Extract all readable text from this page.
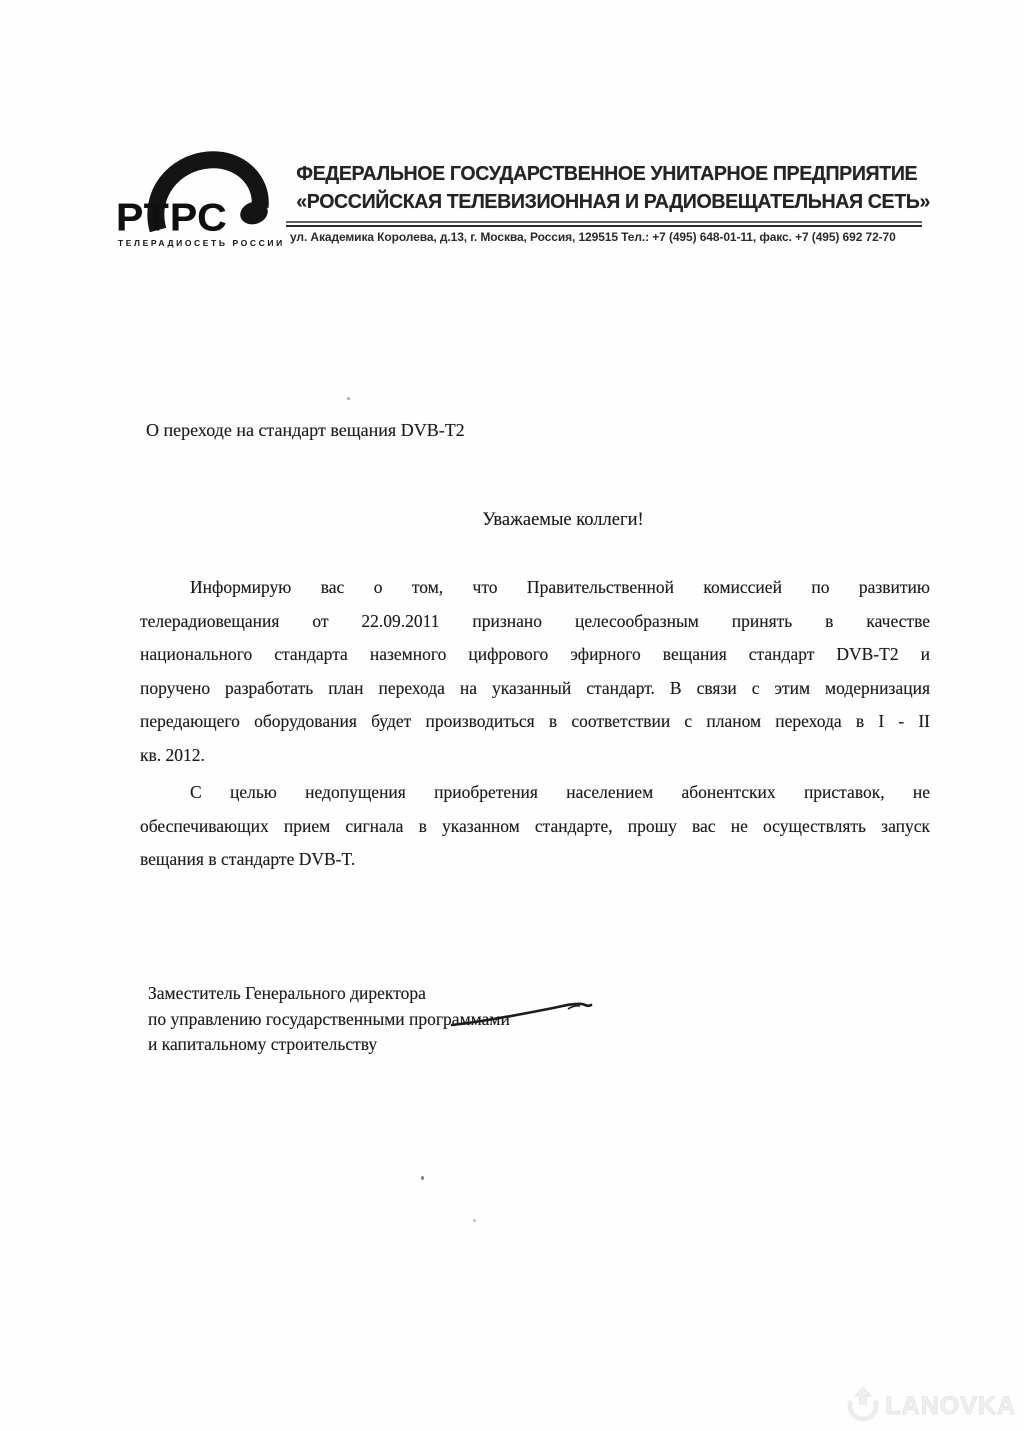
РТРС
ТЕЛЕРАДИОСЕТЬ РОССИИ
ФЕДЕРАЛЬНОЕ ГОСУДАРСТВЕННОЕ УНИТАРНОЕ ПРЕДПРИЯТИЕ
«РОССИЙСКАЯ ТЕЛЕВИЗИОННАЯ И РАДИОВЕЩАТЕЛЬНАЯ СЕТЬ»
ул. Академика Королева, д.13, г. Москва, Россия, 129515 Тел.: +7 (495) 648-01-11, факс. +7 (495) 692 72-70
О переходе на стандарт вещания DVB-T2
Уважаемые коллеги!
Информирую вас о том, что Правительственной комиссией по развитию
телерадиовещания от 22.09.2011 признано целесообразным принять в качестве
национального стандарта наземного цифрового эфирного вещания стандарт DVB-T2 и
поручено разработать план перехода на указанный стандарт. В связи с этим модернизация
передающего оборудования будет производиться в соответствии с планом перехода в I - II
кв. 2012.
С целью недопущения приобретения населением абонентских приставок, не
обеспечивающих прием сигнала в указанном стандарте, прошу вас не осуществлять запуск
вещания в стандарте DVB-T.
Заместитель Генерального директора
по управлению государственными программами
и капитальному строительству
LANOVKA
